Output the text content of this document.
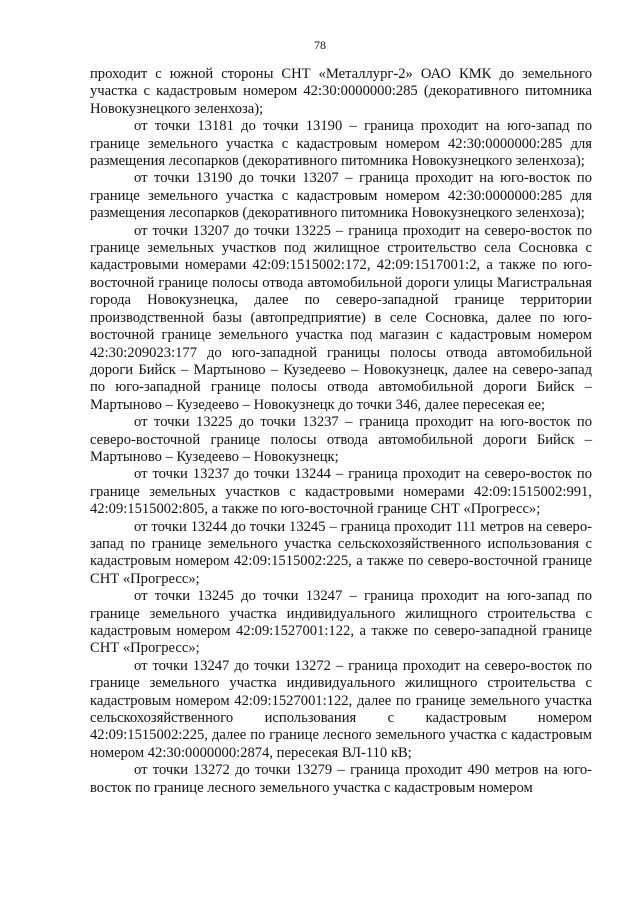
78

проходит с южной стороны СНТ «Металлург-2» ОАО КМК до земельного участка с кадастровым номером 42:30:0000000:285 (декоративного питомника Новокузнецкого зеленхоза);

от точки 13181 до точки 13190 – граница проходит на юго-запад по границе земельного участка с кадастровым номером 42:30:0000000:285 для размещения лесопарков (декоративного питомника Новокузнецкого зеленхоза);

от точки 13190 до точки 13207 – граница проходит на юго-восток по границе земельного участка с кадастровым номером 42:30:0000000:285 для размещения лесопарков (декоративного питомника Новокузнецкого зеленхоза);

от точки 13207 до точки 13225 – граница проходит на северо-восток по границе земельных участков под жилищное строительство села Сосновка с кадастровыми номерами 42:09:1515002:172, 42:09:1517001:2, а также по юго-восточной границе полосы отвода автомобильной дороги улицы Магистральная города Новокузнецка, далее по северо-западной границе территории производственной базы (автопредприятие) в селе Сосновка, далее по юго-восточной границе земельного участка под магазин с кадастровым номером 42:30:209023:177 до юго-западной границы полосы отвода автомобильной дороги Бийск – Мартыново – Кузедеево – Новокузнецк, далее на северо-запад по юго-западной границе полосы отвода автомобильной дороги Бийск – Мартыново – Кузедеево – Новокузнецк до точки 346, далее пересекая ее;

от точки 13225 до точки 13237 – граница проходит на юго-восток по северо-восточной границе полосы отвода автомобильной дороги Бийск – Мартыново – Кузедеево – Новокузнецк;

от точки 13237 до точки 13244 – граница проходит на северо-восток по границе земельных участков с кадастровыми номерами 42:09:1515002:991, 42:09:1515002:805, а также по юго-восточной границе СНТ «Прогресс»;

от точки 13244 до точки 13245 – граница проходит 111 метров на северо-запад по границе земельного участка сельскохозяйственного использования с кадастровым номером 42:09:1515002:225, а также по северо-восточной границе СНТ «Прогресс»;

от точки 13245 до точки 13247 – граница проходит на юго-запад по границе земельного участка индивидуального жилищного строительства с кадастровым номером 42:09:1527001:122, а также по северо-западной границе СНТ «Прогресс»;

от точки 13247 до точки 13272 – граница проходит на северо-восток по границе земельного участка индивидуального жилищного строительства с кадастровым номером 42:09:1527001:122, далее по границе земельного участка сельскохозяйственного использования с кадастровым номером 42:09:1515002:225, далее по границе лесного земельного участка с кадастровым номером 42:30:0000000:2874, пересекая ВЛ-110 кВ;

от точки 13272 до точки 13279 – граница проходит 490 метров на юго-восток по границе лесного земельного участка с кадастровым номером
